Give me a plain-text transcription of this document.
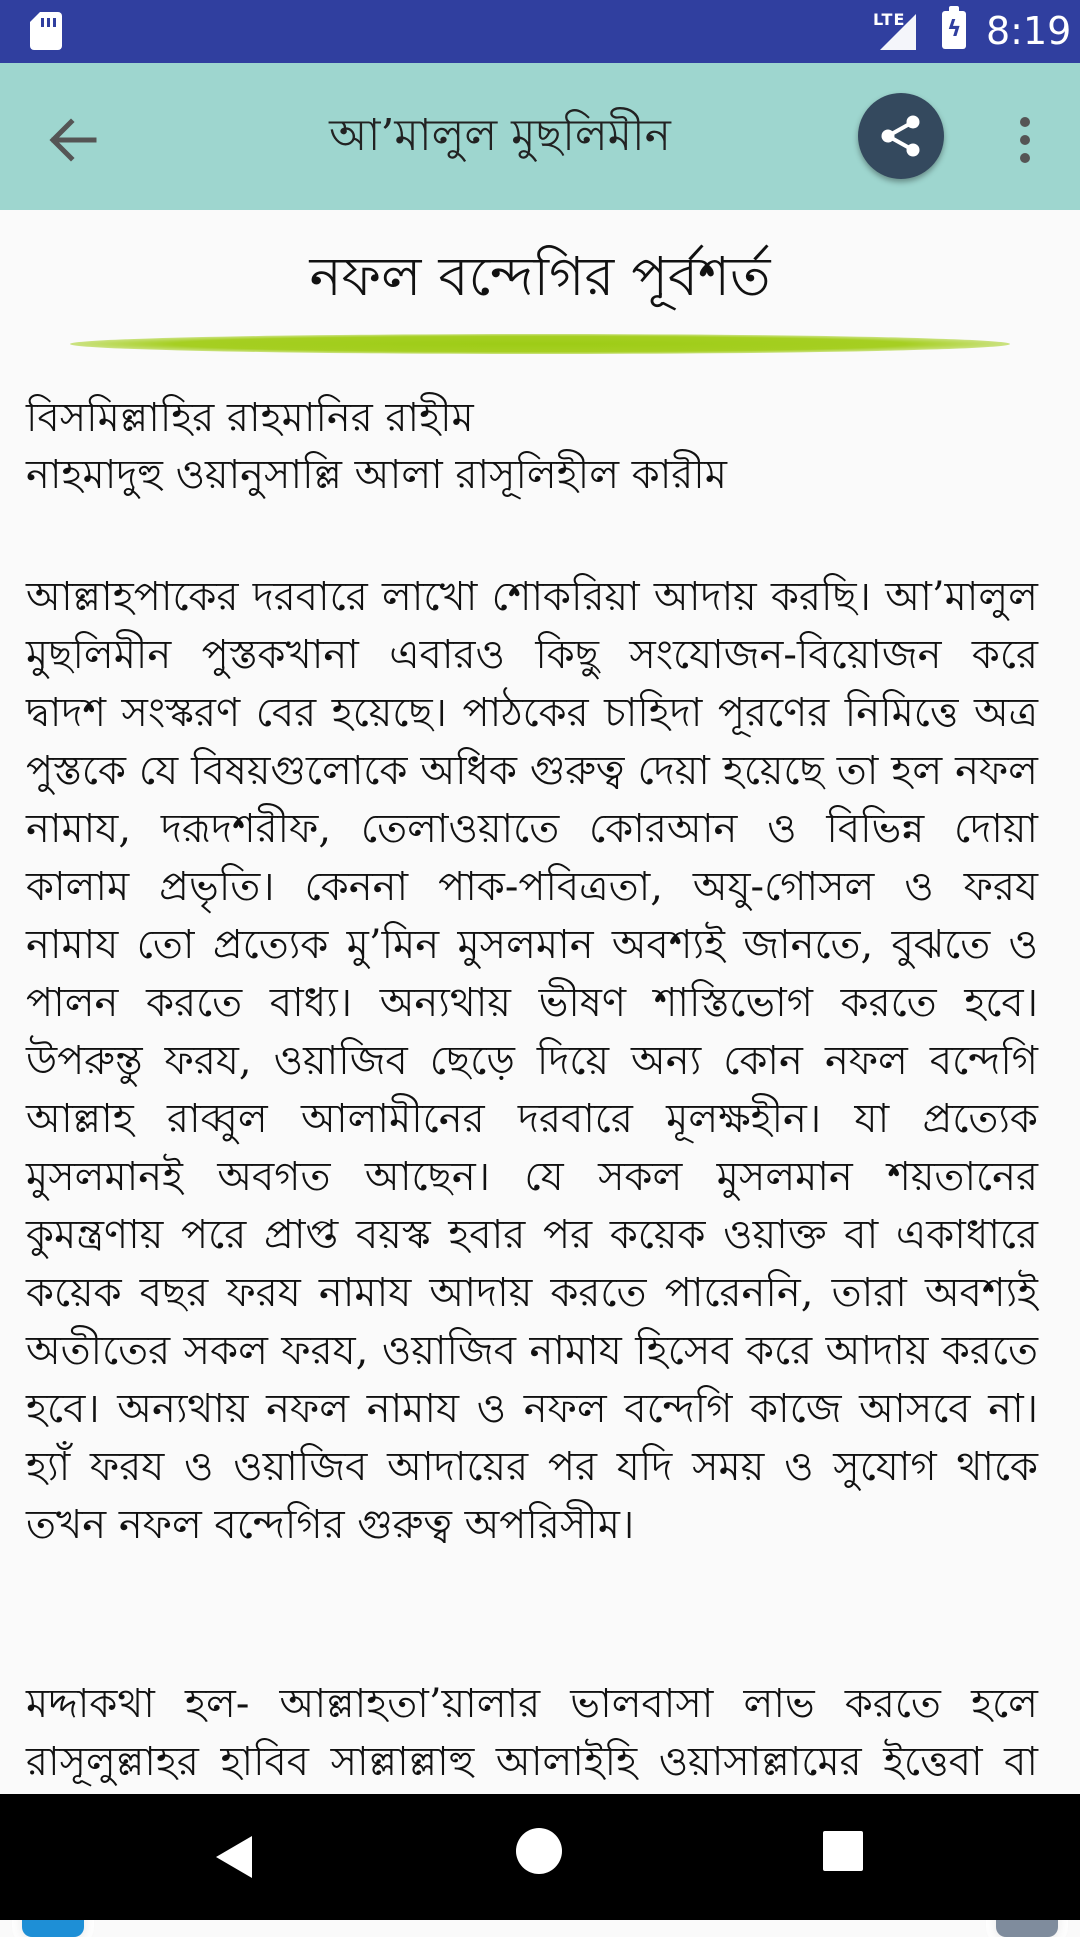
LTE ϟ 8:19
আ’মালুল মুছলিমীন
নফল বন্দেগির পূর্বশর্ত
বিসমিল্লাহির রাহমানির রাহীম
নাহমাদুহু ওয়ানুসাল্লি আলা রাসূলিহীল কারীম
আল্লাহপাকের দরবারে লাখো শোকরিয়া আদায় করছি। আ’মালুল মুছলিমীন পুস্তকখানা এবারও কিছু সংযোজন-বিয়োজন করে দ্বাদশ সংস্করণ বের হয়েছে। পাঠকের চাহিদা পূরণের নিমিত্তে অত্র পুস্তকে যে বিষয়গুলোকে অধিক গুরুত্ব দেয়া হয়েছে তা হল নফল নামায, দরূদশরীফ, তেলাওয়াতে কোরআন ও বিভিন্ন দোয়া কালাম প্রভৃতি। কেননা পাক-পবিত্রতা, অযু-গোসল ও ফরয নামায তো প্রত্যেক মু’মিন মুসলমান অবশ্যই জানতে, বুঝতে ও পালন করতে বাধ্য। অন্যথায় ভীষণ শাস্তিভোগ করতে হবে। উপরুন্তু ফরয, ওয়াজিব ছেড়ে দিয়ে অন্য কোন নফল বন্দেগি আল্লাহ রাব্বুল আলামীনের দরবারে মূলক্ষহীন। যা প্রত্যেক মুসলমানই অবগত আছেন। যে সকল মুসলমান শয়তানের কুমন্ত্রণায় পরে প্রাপ্ত বয়স্ক হবার পর কয়েক ওয়াক্ত বা একাধারে কয়েক বছর ফরয নামায আদায় করতে পারেননি, তারা অবশ্যই অতীতের সকল ফরয, ওয়াজিব নামায হিসেব করে আদায় করতে হবে। অন্যথায় নফল নামায ও নফল বন্দেগি কাজে আসবে না। হ্যাঁ ফরয ও ওয়াজিব আদায়ের পর যদি সময় ও সুযোগ থাকে তখন নফল বন্দেগির গুরুত্ব অপরিসীম।
মদ্দাকথা হল- আল্লাহতা’য়ালার ভালবাসা লাভ করতে হলে রাসূলুল্লাহর হাবিব সাল্লাল্লাহু আলাইহি ওয়াসাল্লামের ইত্তেবা বা
